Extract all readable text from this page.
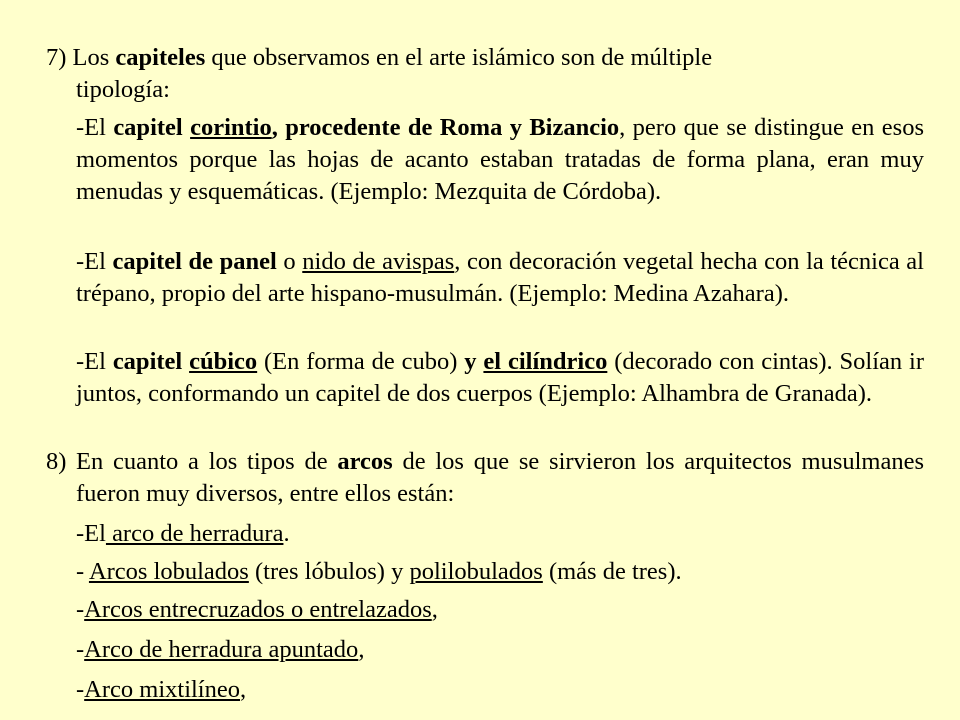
7) Los capiteles que observamos en el arte islámico son de múltiple

tipología:

-El capitel corintio, procedente de Roma y Bizancio, pero que se distingue en esos momentos porque las hojas de acanto estaban tratadas de forma plana, eran muy menudas y esquemáticas. (Ejemplo: Mezquita de Córdoba).

-El capitel de panel o nido de avispas, con decoración vegetal hecha con la técnica al trépano, propio del arte hispano-musulmán. (Ejemplo: Medina Azahara).

-El capitel cúbico (En forma de cubo) y el cilíndrico (decorado con cintas). Solían ir juntos, conformando un capitel de dos cuerpos (Ejemplo: Alhambra de Granada).

8) En cuanto a los tipos de arcos de los que se sirvieron los arquitectos musulmanes fueron muy diversos, entre ellos están:

-El arco de herradura.

- Arcos lobulados (tres lóbulos) y polilobulados (más de tres).

-Arcos entrecruzados o entrelazados,

-Arco de herradura apuntado,

-Arco mixtilíneo,
